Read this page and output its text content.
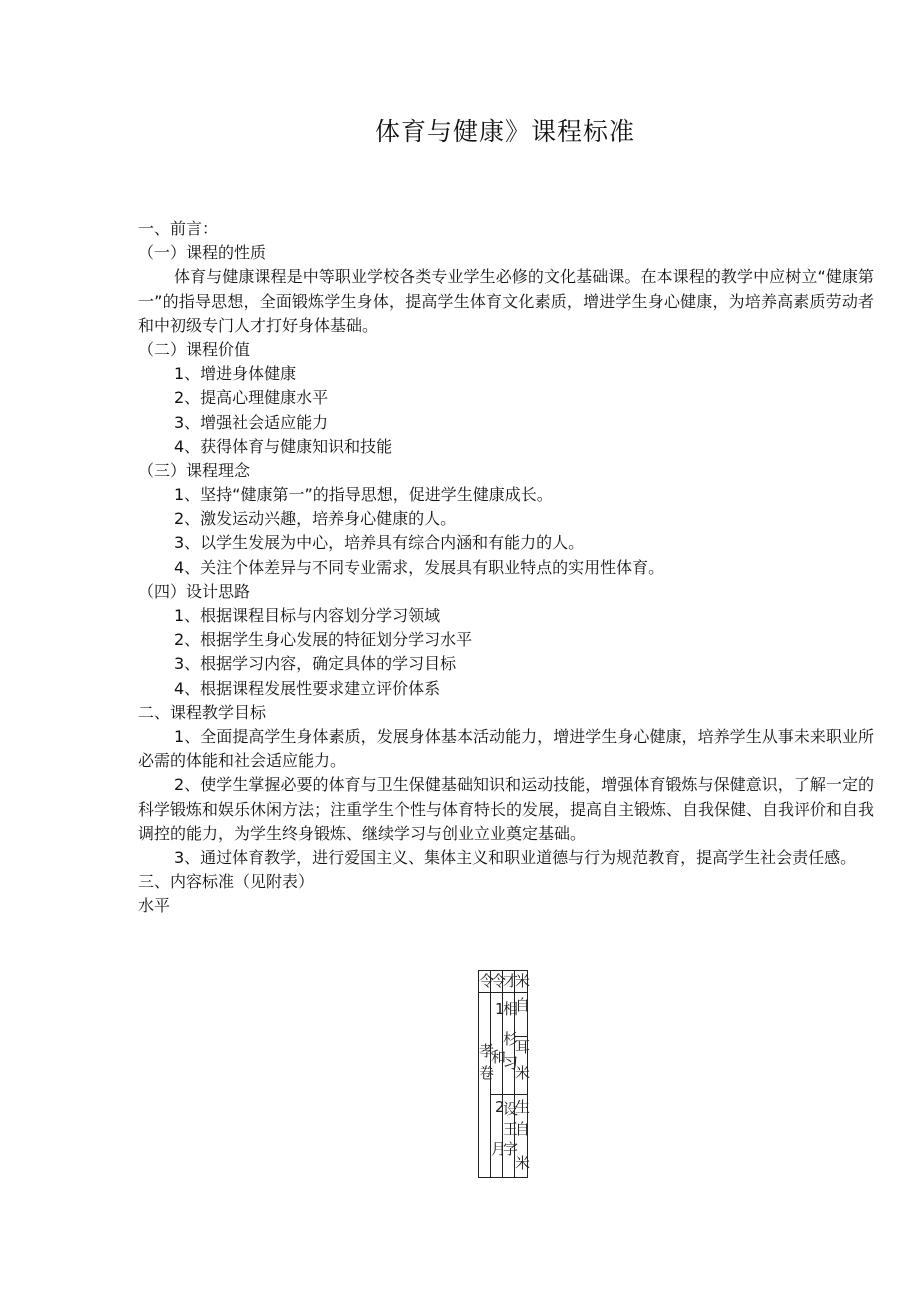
体育与健康》课程标准
一、前言：
（一）课程的性质
体育与健康课程是中等职业学校各类专业学生必修的文化基础课。在本课程的教学中应树立“健康第一”的指导思想，全面锻炼学生身体，提高学生体育文化素质，增进学生身心健康，为培养高素质劳动者和中初级专门人才打好身体基础。
（二）课程价值
1、增进身体健康
2、提高心理健康水平
3、增强社会适应能力
4、获得体育与健康知识和技能
（三）课程理念
1、坚持“健康第一”的指导思想，促进学生健康成长。
2、激发运动兴趣，培养身心健康的人。
3、以学生发展为中心，培养具有综合内涵和有能力的人。
4、关注个体差异与不同专业需求，发展具有职业特点的实用性体育。
（四）设计思路
1、根据课程目标与内容划分学习领域
2、根据学生身心发展的特征划分学习水平
3、根据学习内容，确定具体的学习目标
4、根据课程发展性要求建立评价体系
二、课程教学目标
1、全面提高学生身体素质，发展身体基本活动能力，增进学生身心健康，培养学生从事未来职业所必需的体能和社会适应能力。
2、使学生掌握必要的体育与卫生保健基础知识和运动技能，增强体育锻炼与保健意识，了解一定的科学锻炼和娱乐休闲方法；注重学生个性与体育特长的发展，提高自主锻炼、自我保健、自我评价和自我调控的能力，为学生终身锻炼、继续学习与创业立业奠定基础。
3、通过体育教学，进行爱国主义、集体主义和职业道德与行为规范教育，提高学生社会责任感。
三、内容标准（见附表）
水平
令
令
才
米
1
相
自
杉
耳
和
习
孝
卷 米
2
设
生
王
自
月
字
米
